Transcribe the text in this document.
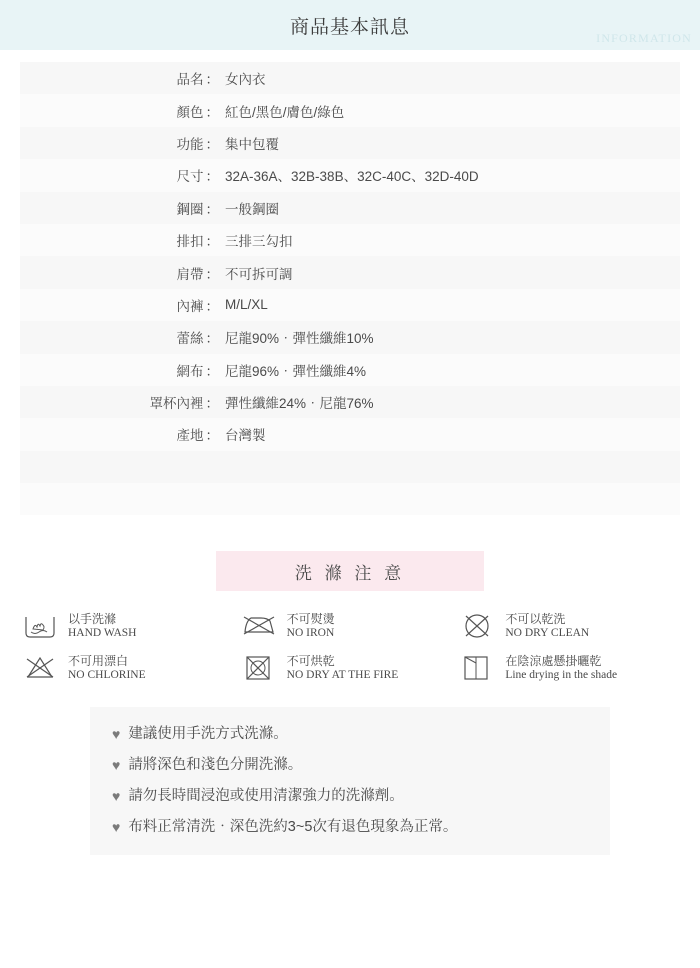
商品基本訊息
INFORMATION
品名 ：	女內衣
顏色 ：	紅色/黑色/膚色/綠色
功能 ：	集中包覆
尺寸 ：	32A-36A、32B-38B、32C-40C、32D-40D
鋼圈 ：	一般鋼圈
排扣 ：	三排三勾扣
肩帶 ：	不可拆可調
內褲 ：	M/L/XL
蕾絲 ：	尼龍90%‧彈性纖維10%
網布 ：	尼龍96%‧彈性纖維4%
罩杯內裡 ：	彈性纖維24%‧尼龍76%
產地 ：	台灣製

洗 滌 注 意
以手洗滌
HAND WASH
不可熨燙
NO IRON
不可以乾洗
NO DRY CLEAN
不可用漂白
NO CHLORINE
不可烘乾
NO DRY AT THE FIRE
在陰涼處懸掛曬乾
Line drying in the shade
♥ 建議使用手洗方式洗滌。
♥ 請將深色和淺色分開洗滌。
♥ 請勿長時間浸泡或使用清潔強力的洗滌劑。
♥ 布料正常清洗‧深色洗約3~5次有退色現象為正常。
